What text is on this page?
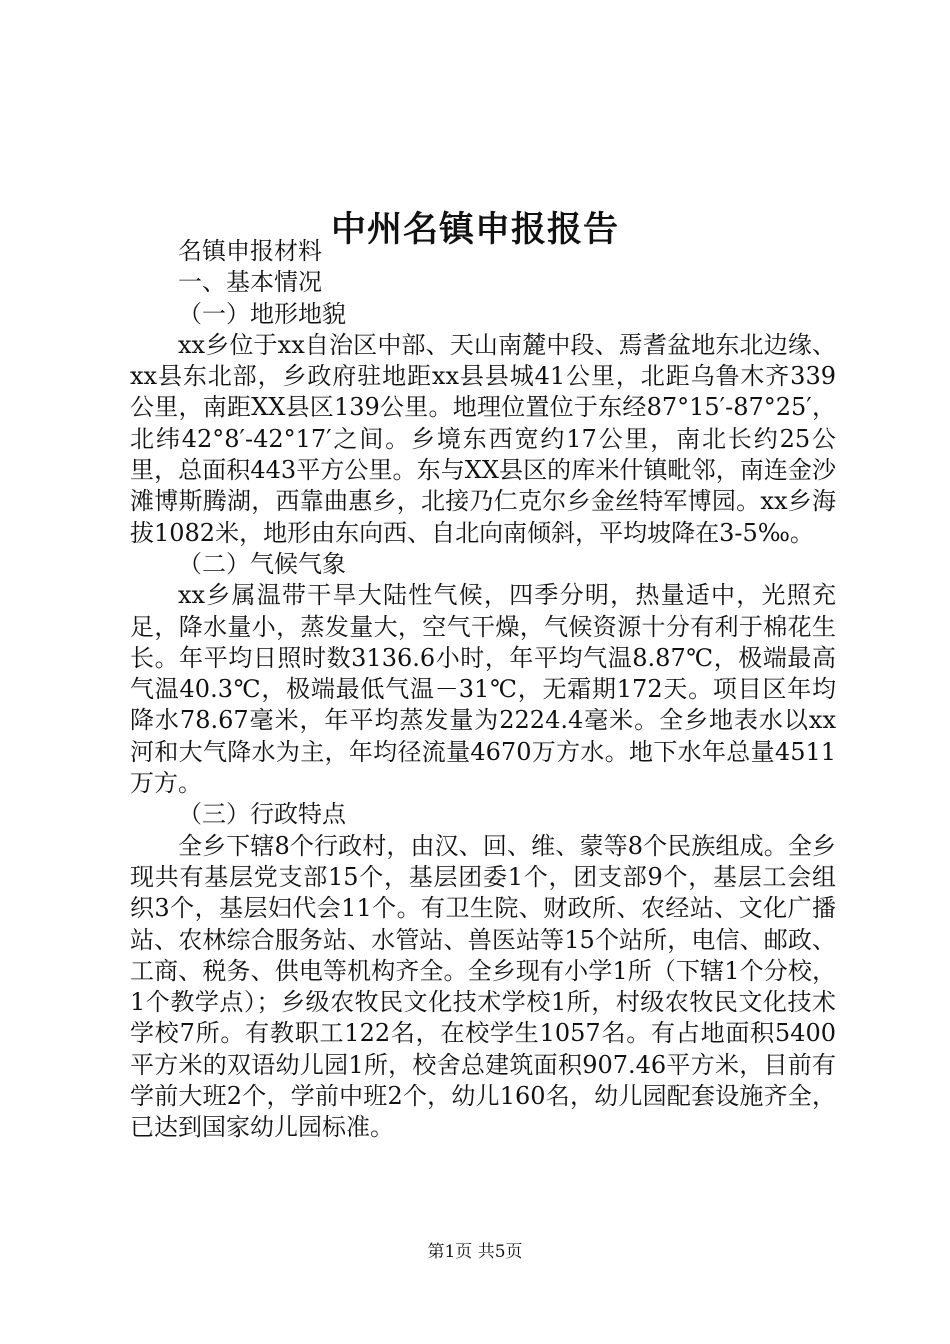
中州名镇申报报告

名镇申报材料

一、基本情况

（一）地形地貌

xx乡位于xx自治区中部、天山南麓中段、焉耆盆地东北边缘、xx县东北部，乡政府驻地距xx县县城41公里，北距乌鲁木齐339公里，南距XX县区139公里。地理位置位于东经87°15′-87°25′，北纬42°8′-42°17′之间。乡境东西宽约17公里，南北长约25公里，总面积443平方公里。东与XX县区的库米什镇毗邻，南连金沙滩博斯腾湖，西靠曲惠乡，北接乃仁克尔乡金丝特军博园。xx乡海拔1082米，地形由东向西、自北向南倾斜，平均坡降在3-5‰。

（二）气候气象

xx乡属温带干旱大陆性气候，四季分明，热量适中，光照充足，降水量小，蒸发量大，空气干燥，气候资源十分有利于棉花生长。年平均日照时数3136.6小时，年平均气温8.87℃，极端最高气温40.3℃，极端最低气温－31℃，无霜期172天。项目区年均降水78.67毫米，年平均蒸发量为2224.4毫米。全乡地表水以xx河和大气降水为主，年均径流量4670万方水。地下水年总量4511万方。

（三）行政特点

全乡下辖8个行政村，由汉、回、维、蒙等8个民族组成。全乡现共有基层党支部15个，基层团委1个，团支部9个，基层工会组织3个，基层妇代会11个。有卫生院、财政所、农经站、文化广播站、农林综合服务站、水管站、兽医站等15个站所，电信、邮政、工商、税务、供电等机构齐全。全乡现有小学1所（下辖1个分校，1个教学点）；乡级农牧民文化技术学校1所，村级农牧民文化技术学校7所。有教职工122名，在校学生1057名。有占地面积5400平方米的双语幼儿园1所，校舍总建筑面积907.46平方米，目前有学前大班2个，学前中班2个，幼儿160名，幼儿园配套设施齐全，已达到国家幼儿园标准。

第1页 共5页
